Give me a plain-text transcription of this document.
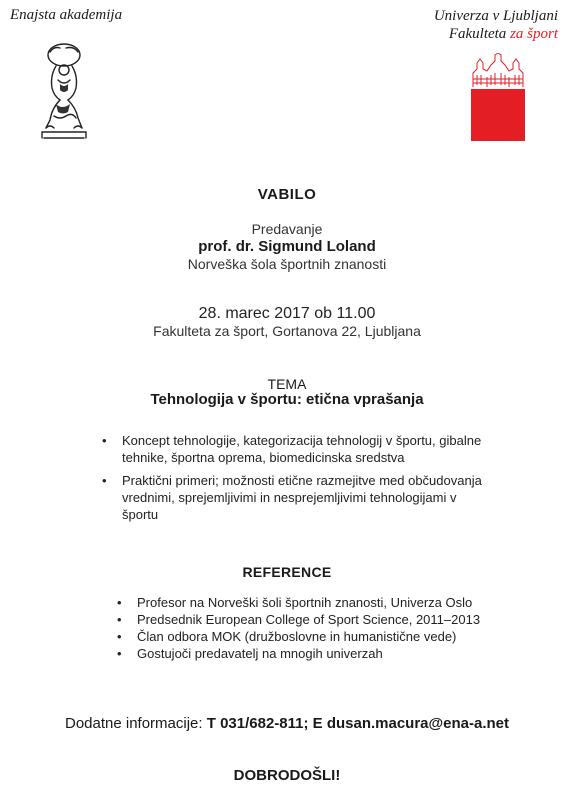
Enajsta akademija	Univerza v Ljubljani
Fakulteta za šport
VABILO
Predavanje
prof. dr. Sigmund Loland
Norveška šola športnih znanosti
28. marec 2017 ob 11.00
Fakulteta za šport, Gortanova 22, Ljubljana
TEMA
Tehnologija v športu: etična vprašanja
• Koncept tehnologije, kategorizacija tehnologij v športu, gibalne tehnike, športna oprema, biomedicinska sredstva
• Praktični primeri; možnosti etične razmejitve med občudovanja vrednimi, sprejemljivimi in nesprejemljivimi tehnologijami v športu
REFERENCE
• Profesor na Norveški šoli športnih znanosti, Univerza Oslo
• Predsednik European College of Sport Science, 2011–2013
• Član odbora MOK (družboslovne in humanistične vede)
• Gostujoči predavatelj na mnogih univerzah
Dodatne informacije: T 031/682-811; E dusan.macura@ena-a.net
DOBRODOŠLI!
